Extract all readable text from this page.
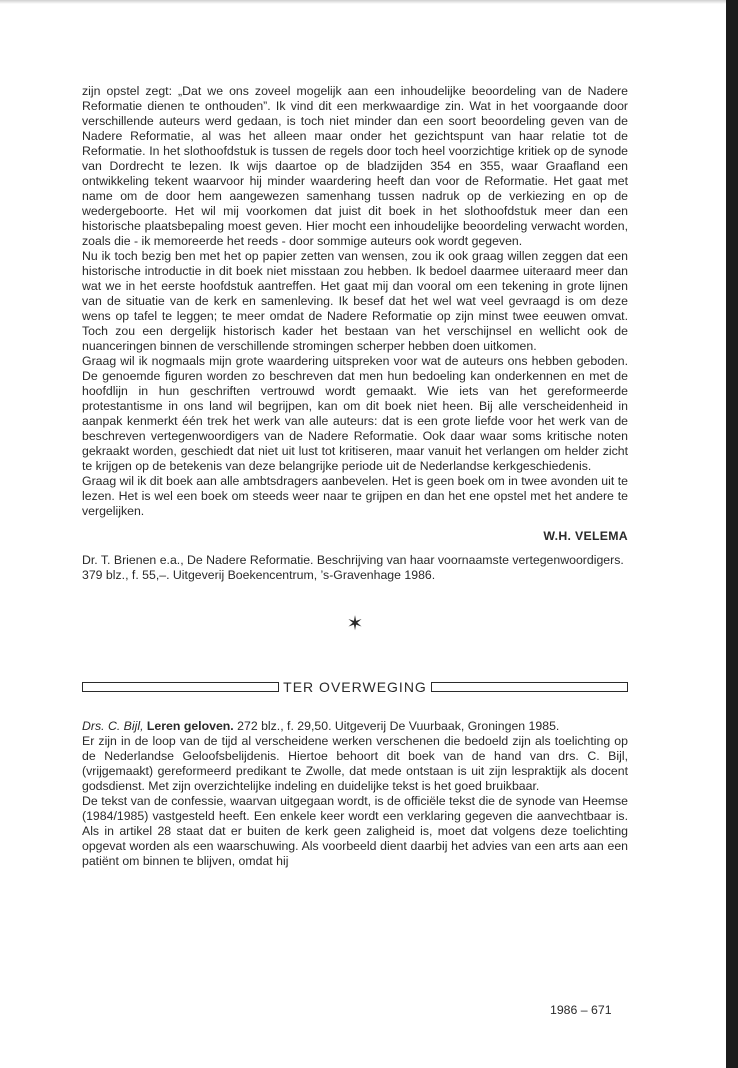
zijn opstel zegt: „Dat we ons zoveel mogelijk aan een inhoudelijke beoordeling van de Nadere Reformatie dienen te onthouden”. Ik vind dit een merkwaardige zin. Wat in het voorgaande door verschillende auteurs werd gedaan, is toch niet minder dan een soort beoordeling geven van de Nadere Reformatie, al was het alleen maar onder het gezichtspunt van haar relatie tot de Reformatie. In het slothoofdstuk is tussen de regels door toch heel voorzichtige kritiek op de synode van Dordrecht te lezen. Ik wijs daartoe op de bladzijden 354 en 355, waar Graafland een ontwikkeling tekent waarvoor hij minder waardering heeft dan voor de Reformatie. Het gaat met name om de door hem aangewezen samenhang tussen nadruk op de verkiezing en op de wedergeboorte. Het wil mij voorkomen dat juist dit boek in het slothoofdstuk meer dan een historische plaatsbepaling moest geven. Hier mocht een inhoudelijke beoordeling verwacht worden, zoals die - ik memoreerde het reeds - door sommige auteurs ook wordt gegeven.

Nu ik toch bezig ben met het op papier zetten van wensen, zou ik ook graag willen zeggen dat een historische introductie in dit boek niet misstaan zou hebben. Ik bedoel daarmee uiteraard meer dan wat we in het eerste hoofdstuk aantreffen. Het gaat mij dan vooral om een tekening in grote lijnen van de situatie van de kerk en samenleving. Ik besef dat het wel wat veel gevraagd is om deze wens op tafel te leggen; te meer omdat de Nadere Reformatie op zijn minst twee eeuwen omvat. Toch zou een dergelijk historisch kader het bestaan van het verschijnsel en wellicht ook de nuanceringen binnen de verschillende stromingen scherper hebben doen uitkomen.

Graag wil ik nogmaals mijn grote waardering uitspreken voor wat de auteurs ons hebben geboden. De genoemde figuren worden zo beschreven dat men hun bedoeling kan onderkennen en met de hoofdlijn in hun geschriften vertrouwd wordt gemaakt. Wie iets van het gereformeerde protestantisme in ons land wil begrijpen, kan om dit boek niet heen. Bij alle verscheidenheid in aanpak kenmerkt één trek het werk van alle auteurs: dat is een grote liefde voor het werk van de beschreven vertegenwoordigers van de Nadere Reformatie. Ook daar waar soms kritische noten gekraakt worden, geschiedt dat niet uit lust tot kritiseren, maar vanuit het verlangen om helder zicht te krijgen op de betekenis van deze belangrijke periode uit de Nederlandse kerkgeschiedenis.

Graag wil ik dit boek aan alle ambtsdragers aanbevelen. Het is geen boek om in twee avonden uit te lezen. Het is wel een boek om steeds weer naar te grijpen en dan het ene opstel met het andere te vergelijken.

W.H. VELEMA

Dr. T. Brienen e.a., De Nadere Reformatie. Beschrijving van haar voornaamste vertegenwoordigers. 379 blz., f. 55,–. Uitgeverij Boekencentrum, ’s-Gravenhage 1986.

✶
TER OVERWEGING

Drs. C. Bijl, Leren geloven. 272 blz., f. 29,50. Uitgeverij De Vuurbaak, Groningen 1985.

Er zijn in de loop van de tijd al verscheidene werken verschenen die bedoeld zijn als toelichting op de Nederlandse Geloofsbelijdenis. Hiertoe behoort dit boek van de hand van drs. C. Bijl, (vrijgemaakt) gereformeerd predikant te Zwolle, dat mede ontstaan is uit zijn lespraktijk als docent godsdienst. Met zijn overzichtelijke indeling en duidelijke tekst is het goed bruikbaar.

De tekst van de confessie, waarvan uitgegaan wordt, is de officiële tekst die de synode van Heemse (1984/1985) vastgesteld heeft. Een enkele keer wordt een verklaring gegeven die aanvechtbaar is. Als in artikel 28 staat dat er buiten de kerk geen zaligheid is, moet dat volgens deze toelichting opgevat worden als een waarschuwing. Als voorbeeld dient daarbij het advies van een arts aan een patiënt om binnen te blijven, omdat hij

1986 – 671
